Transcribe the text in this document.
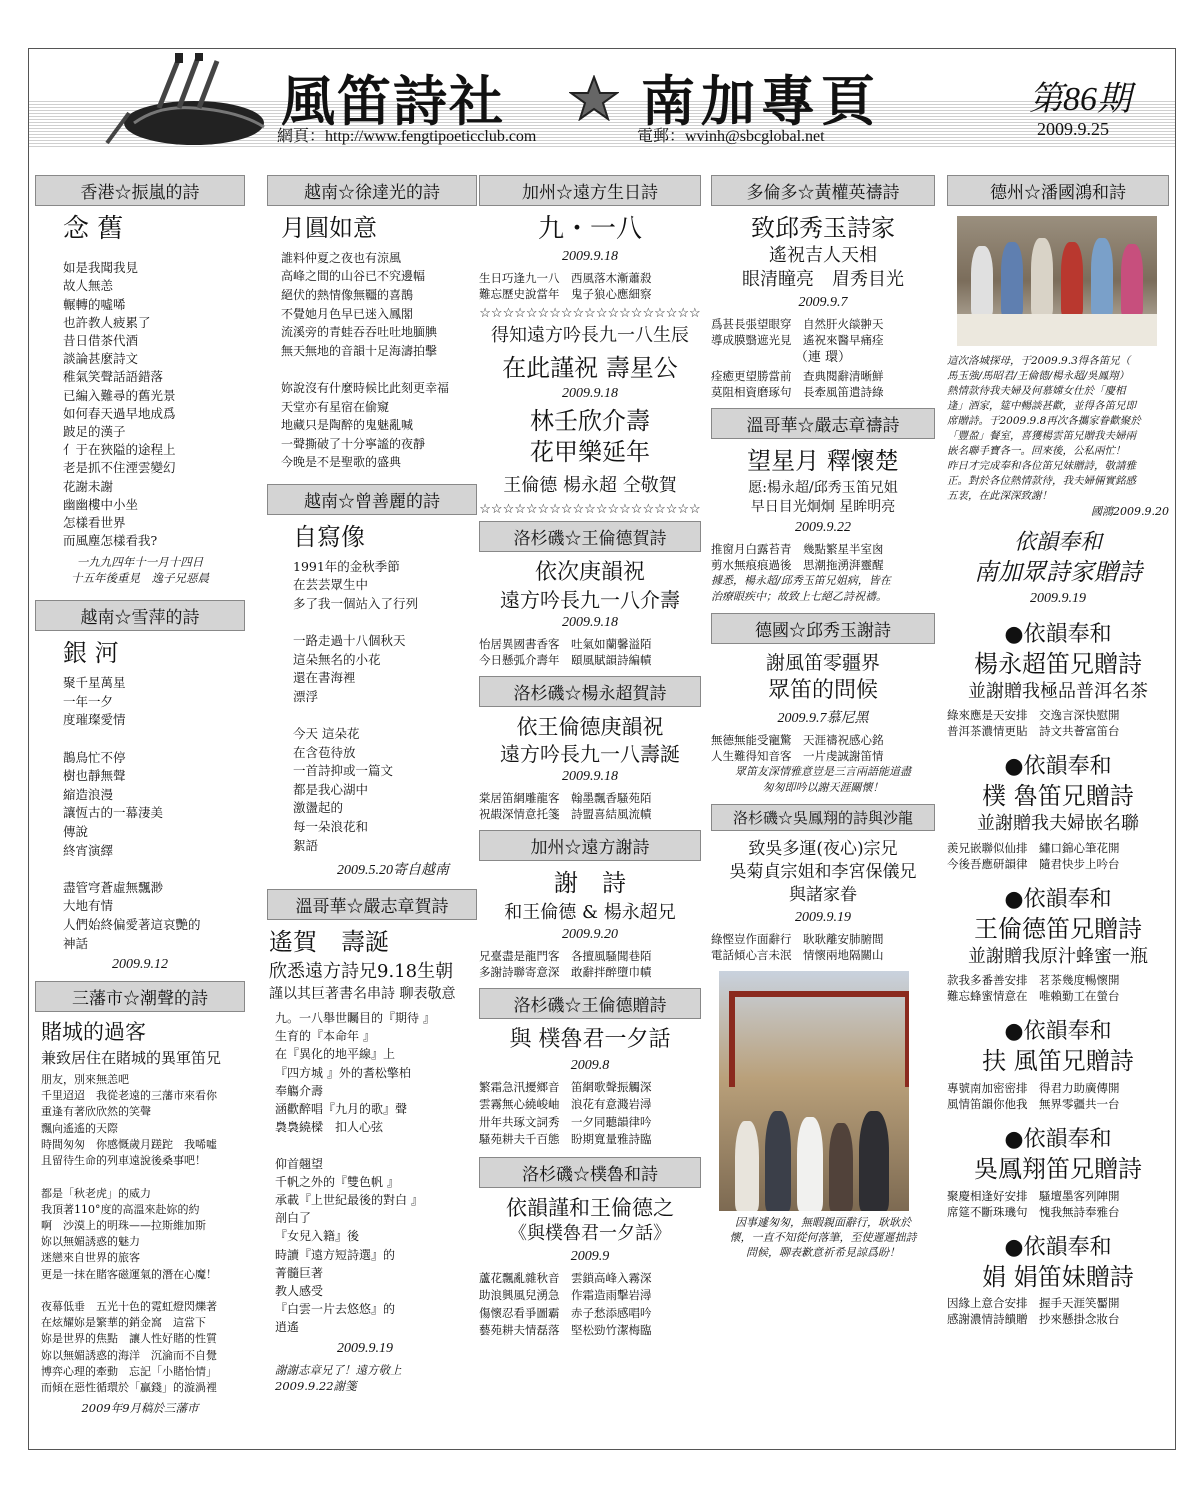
風笛詩社	南加專頁
網頁：http://www.fengtipoeticclub.com	電郵：wvinh@sbcglobal.net
第86期
2009.9.25
香港☆振嵐的詩
念 舊
如是我聞我見
故人無恙
輾轉的噓唏
也許教人疲累了
昔日借茶代酒
談論甚麼詩文
稚氣笑聲話語錯落
已編入難尋的舊光景
如何春天過早地成爲
跛足的漢子
亻于在狹隘的途程上
老是抓不住湮雲變幻
花謝未謝
幽幽樓中小坐
怎樣看世界
而風塵怎樣看我?
一九九四年十一月十四日
十五年後重見　逸子兄惡晨
越南☆雪萍的詩
銀 河
聚千星萬星
一年一夕
度璀璨愛情

鵲鳥忙不停
樹也靜無聲
縮造浪漫
讓恆古的一幕淒美
傳說
終宵演繹

盡管穹蒼虛無飄渺
大地有情
人們始終偏愛著這哀艷的
神話
2009.9.12
三藩市☆潮聲的詩
賭城的過客
兼致居住在賭城的異軍笛兄
朋友，別來無恙吧
千里迢迢　我從老遠的三藩市來看你
重逢有著欣欣然的笑聲
飄向遙遙的天際
時間匆匆　你感慨歲月蹉跎　我唏噓
且留待生命的列車遠說後桑事吧！

都是「秋老虎」的威力
我頂著110°度的高溫來赴妳的約
啊　沙漠上的明珠——拉斯維加斯
妳以無媚誘惑的魅力
迷戀來自世界的旅客
更是一抹在賭客磁運氣的潛在心魔！

夜幕低垂　五光十色的霓虹燈閃爍著
在炫耀妳是繁華的銷金窩　這當下
妳是世界的焦點　讓人性好賭的性質
妳以無媚誘惑的海洋　沉淪而不自覺
博弈心理的牽動　忘記「小賭怡情」
而傾在惡性循環於「贏錢」的漩渦裡
2009年9月稿於三藩市
越南☆徐達光的詩
月圓如意
誰料仲夏之夜也有涼風
高峰之間的山谷已不究邊幅
絕伏的熱情像無韁的喜鵲
不覺她月色早已迷入鳳閣
流溪旁的青蛙吞吞吐吐地腼腆
無天無地的音韻十足海濤拍擊

妳說沒有什麼時候比此刻更幸福
天堂亦有星宿在偷窺
地藏只是陶醉的鬼魅亂喊
一聲撕破了十分寧謐的夜靜
今晚是不是聖歌的盛典
越南☆曾善麗的詩
自寫像
1991年的金秋季節
在芸芸眾生中
多了我一個站入了行列

一路走過十八個秋天
這朵無名的小花
還在書海裡
漂浮

今天 這朵花
在含苞待放
一首詩抑或一篇文
都是我心湖中
激盪起的
每一朵浪花和
絮語
2009.5.20寄自越南
溫哥華☆嚴志章賀詩
遙賀　壽誕
欣悉遠方詩兄9.18生朝
謹以其巨著書名串詩 聊表敬意
九。一八舉世矚目的『期待 』
生育的『本命年 』
在『異化的地平線』上
『四方城 』外的耆松擎柏
奉觴介壽
涵歡醉唱『九月的歌』聲
裊裊繞樑　扣人心弦

仰首翹望
千帆之外的『雙色帆 』
承載『上世紀最後的對白 』
剖白了
『女兒入籍』後
時讀『遠方短詩選』的
菁髓巨著
教人感受
『白雲一片去悠悠』的
逍遙
2009.9.19
謝謝志章兄了！遠方敬上
2009.9.22謝箋
加州☆遠方生日詩
九・一八
2009.9.18
生日巧逢九一八　西風落木漸蕭殺
難忘歷史說當年　鬼子狼心應細察
☆☆☆☆☆☆☆☆☆☆☆☆☆☆☆☆☆☆☆
得知遠方吟長九一八生辰
在此謹祝 壽星公
2009.9.18
林壬欣介壽
花甲樂延年
王倫德 楊永超 仝敬賀
☆☆☆☆☆☆☆☆☆☆☆☆☆☆☆☆☆☆☆
洛杉磯☆王倫德賀詩
依次庚韻祝
遠方吟長九一八介壽
2009.9.18
怡居異國書香客　吐氣如蘭馨溢陌
今日懸弧介壽年　頤風賦韻詩編幘
洛杉磯☆楊永超賀詩
依王倫德庚韻祝
遠方吟長九一八壽誕
2009.9.18
棠居笛網雕龍客　翰墨飄香騷苑陌
祝嘏深情意托箋　詩盟喜結風流幘
加州☆遠方謝詩
謝　詩
和王倫德 & 楊永超兄
2009.9.20
兄臺盡是龍門客　各擅風騷聞巷陌
多謝詩聯寄意深　敢辭拌醉墮巾幘
洛杉磯☆王倫德贈詩
與 樸魯君一夕話
2009.8
繁霜急汛擾鄉音　笛網歌聲振觸深
雲霧無心繞峻岫　浪花有意濺岩潯
卅年共琢文詞秀　一夕同聽韻律吟
騷苑耕夫千百態　盼期寬量雅詩臨
洛杉磯☆樸魯和詩
依韻謹和王倫德之
《與樸魯君一夕話》
2009.9
蘆花飄亂雜秋音　雲鎖高峰入霧深
助浪興風兒湧急　作霜造雨擊岩潯
傷懷忍看爭圖霸　赤子愁添感唱吟
藝苑耕夫情磊落　堅松勁竹潔梅臨
多倫多☆黃權英禱詩
致邱秀玉詩家
遙祝吉人天相
眼清瞳亮　眉秀目光
2009.9.7
爲甚長張望眼穿　自然肝火燄翀天
導成膜翳遮光見　遙祝來醫早痛痊
（連 環）
痊癒更望勝當前　查典閱辭清晰鮮
莫阻相資磨琢句　長牽風笛遣詩綠
溫哥華☆嚴志章禱詩
望星月 釋懷楚
愿:楊永超/邱秀玉笛兄姐
早日目光炯炯 星眸明亮
2009.9.22
推窗月白露苔青　幾點繁星半室囪
剪水無痕痕過後　思潮拖湧湃靈醒
據悉，楊永超/邱秀玉笛兄姐病，皆在
治療眼疾中；故致上七絕乙詩祝禱。
德國☆邱秀玉謝詩
謝風笛零疆界
眾笛的問候
2009.9.7慕尼黑
無德無能受寵驚　天涯禱祝感心銘
人生難得知音客　一片虔誠謝笛情
眾笛友深情雅意豈是三言兩語能道盡
匆匆即吟以謝天涯關懷！
洛杉磯☆吳鳳翔的詩與沙龍
致吳多運(夜心)宗兄
吳菊貞宗姐和李宮保儀兄
與諸家眷
2009.9.19
綠慳豈作面辭行　耿耿離安肺腑間
電話傾心言未泯　情懷兩地隔關山
因事遽匆匆，無暇親面辭行，耿耿於
懷，一直不知從何落筆，至使遲遲拙詩
問候，聊表歉意祈希見諒爲盼！
德州☆潘國鴻和詩
這次洛城探母，于2009.9.3得各笛兄（
馬玉強/馬昭君/王倫德/楊永超/吳鳳翔）
熱情款待我夫婦及何慕嫦女仕於「慶相
逢」酒家，筵中暢談甚歡，並得各笛兄即
席贈詩。于2009.9.8再次各攜家眷歡聚於
「豐盈」餐室，喜獲楊雲笛兄贈我夫婦兩
嵌名聯手寶各一。回來後，公私兩忙！
昨日才完成奉和各位笛兄妹贈詩，敬請雅
正。對於各位熱情款待，我夫婦倆實銘感
五衷，在此深深致謝！
國鴻2009.9.20
依韻奉和
南加眾詩家贈詩
2009.9.19
●依韻奉和
楊永超笛兄贈詩
並謝贈我極品普洱名茶
綠來應是天安排　交逸言深快慰開
普洱茶濃情更貼　詩文共薈富笛台
●依韻奉和
樸 魯笛兄贈詩
並謝贈我夫婦嵌名聯
羨兄嵌聯似仙排　繡口錦心筆花開
今後吾應研韻律　隨君快步上吟台
●依韻奉和
王倫德笛兄贈詩
並謝贈我原汁蜂蜜一瓶
款我多番善安排　茗茶幾度暢懷開
難忘蜂蜜情意在　唯賴勤工在螢台
●依韻奉和
扶 風笛兄贈詩
專號南加密密排　得君力助廣傳開
風情笛韻你他我　無界零疆共一台
●依韻奉和
吳鳳翔笛兄贈詩
聚慶相逢好安排　騷壇墨客列陣開
席筵不斷珠璣句　愧我無詩奉雅台
●依韻奉和
娟 娟笛妹贈詩
因緣上意合安排　握手天涯笑靨開
感謝濃情詩饋贈　抄來懸掛念妝台
